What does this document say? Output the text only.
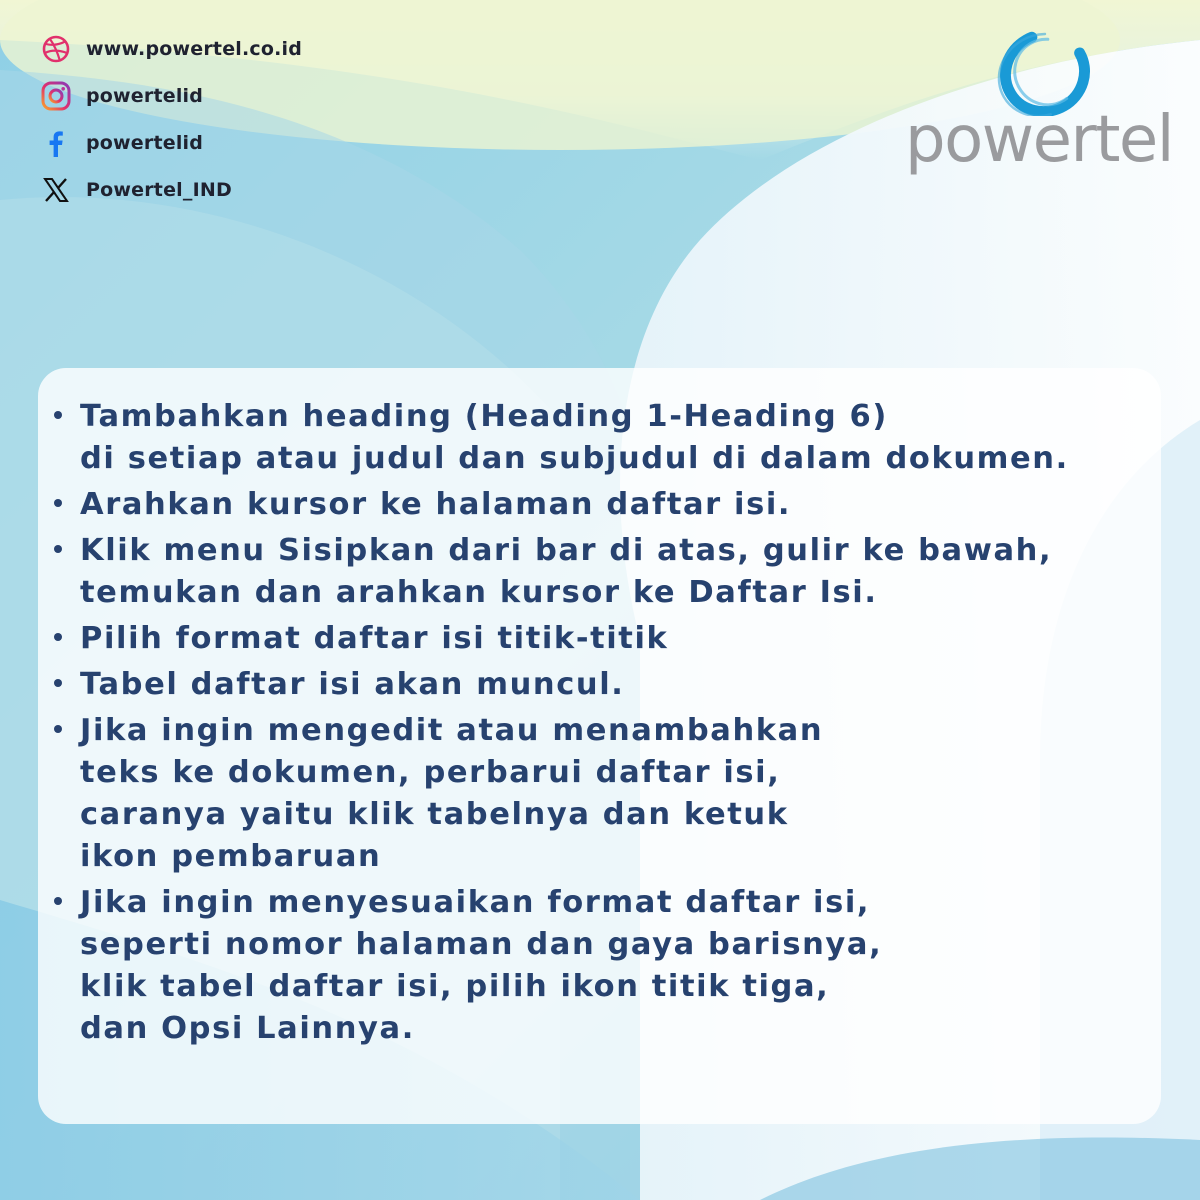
www.powertel.co.id
powertelid
powertelid
Powertel_IND
powertel
Tambahkan heading (Heading 1-Heading 6)
di setiap atau judul dan subjudul di dalam dokumen.
Arahkan kursor ke halaman daftar isi.
Klik menu Sisipkan dari bar di atas, gulir ke bawah,
temukan dan arahkan kursor ke Daftar Isi.
Pilih format daftar isi titik-titik
Tabel daftar isi akan muncul.
Jika ingin mengedit atau menambahkan
teks ke dokumen, perbarui daftar isi,
caranya yaitu klik tabelnya dan ketuk
ikon pembaruan
Jika ingin menyesuaikan format daftar isi,
seperti nomor halaman dan gaya barisnya,
klik tabel daftar isi, pilih ikon titik tiga,
dan Opsi Lainnya.
